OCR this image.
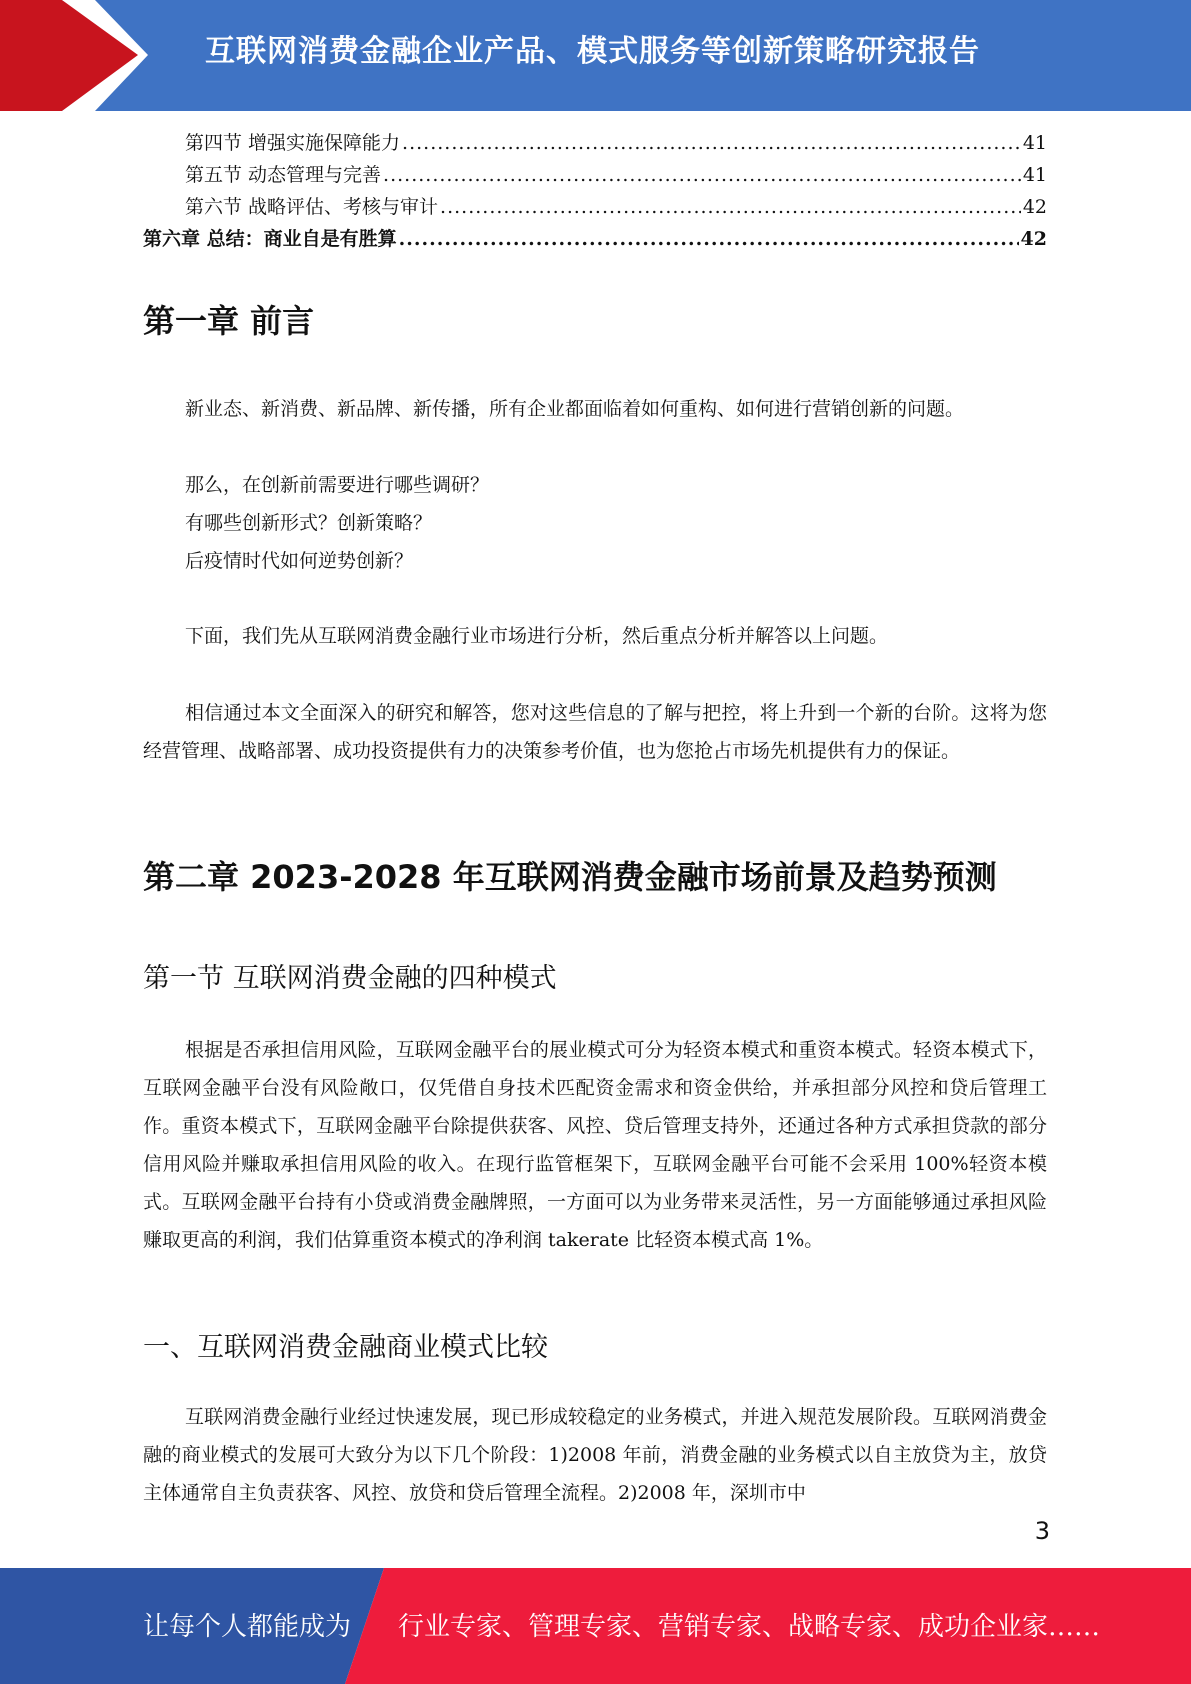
互联网消费金融企业产品、模式服务等创新策略研究报告
第四节 增强实施保障能力 .....	41
第五节 动态管理与完善 .....	41
第六节 战略评估、考核与审计 .....	42
第六章 总结：商业自是有胜算 .....	42
第一章 前言

新业态、新消费、新品牌、新传播，所有企业都面临着如何重构、如何进行营销创新的问题。

那么，在创新前需要进行哪些调研？

有哪些创新形式？创新策略？

后疫情时代如何逆势创新？

下面，我们先从互联网消费金融行业市场进行分析，然后重点分析并解答以上问题。

相信通过本文全面深入的研究和解答，您对这些信息的了解与把控，将上升到一个新的台阶。这将为您经营管理、战略部署、成功投资提供有力的决策参考价值，也为您抢占市场先机提供有力的保证。

第二章 2023-2028 年互联网消费金融市场前景及趋势预测
第一节 互联网消费金融的四种模式

根据是否承担信用风险，互联网金融平台的展业模式可分为轻资本模式和重资本模式。轻资本模式下，互联网金融平台没有风险敞口，仅凭借自身技术匹配资金需求和资金供给，并承担部分风控和贷后管理工作。重资本模式下，互联网金融平台除提供获客、风控、贷后管理支持外，还通过各种方式承担贷款的部分信用风险并赚取承担信用风险的收入。在现行监管框架下，互联网金融平台可能不会采用 100%轻资本模式。互联网金融平台持有小贷或消费金融牌照，一方面可以为业务带来灵活性，另一方面能够通过承担风险赚取更高的利润，我们估算重资本模式的净利润 takerate 比轻资本模式高 1%。

一、互联网消费金融商业模式比较

互联网消费金融行业经过快速发展，现已形成较稳定的业务模式，并进入规范发展阶段。互联网消费金融的商业模式的发展可大致分为以下几个阶段：1)2008 年前，消费金融的业务模式以自主放贷为主，放贷主体通常自主负责获客、风控、放贷和贷后管理全流程。2)2008 年，深圳市中

3
让每个人都能成为 行业专家、管理专家、营销专家、战略专家、成功企业家……
